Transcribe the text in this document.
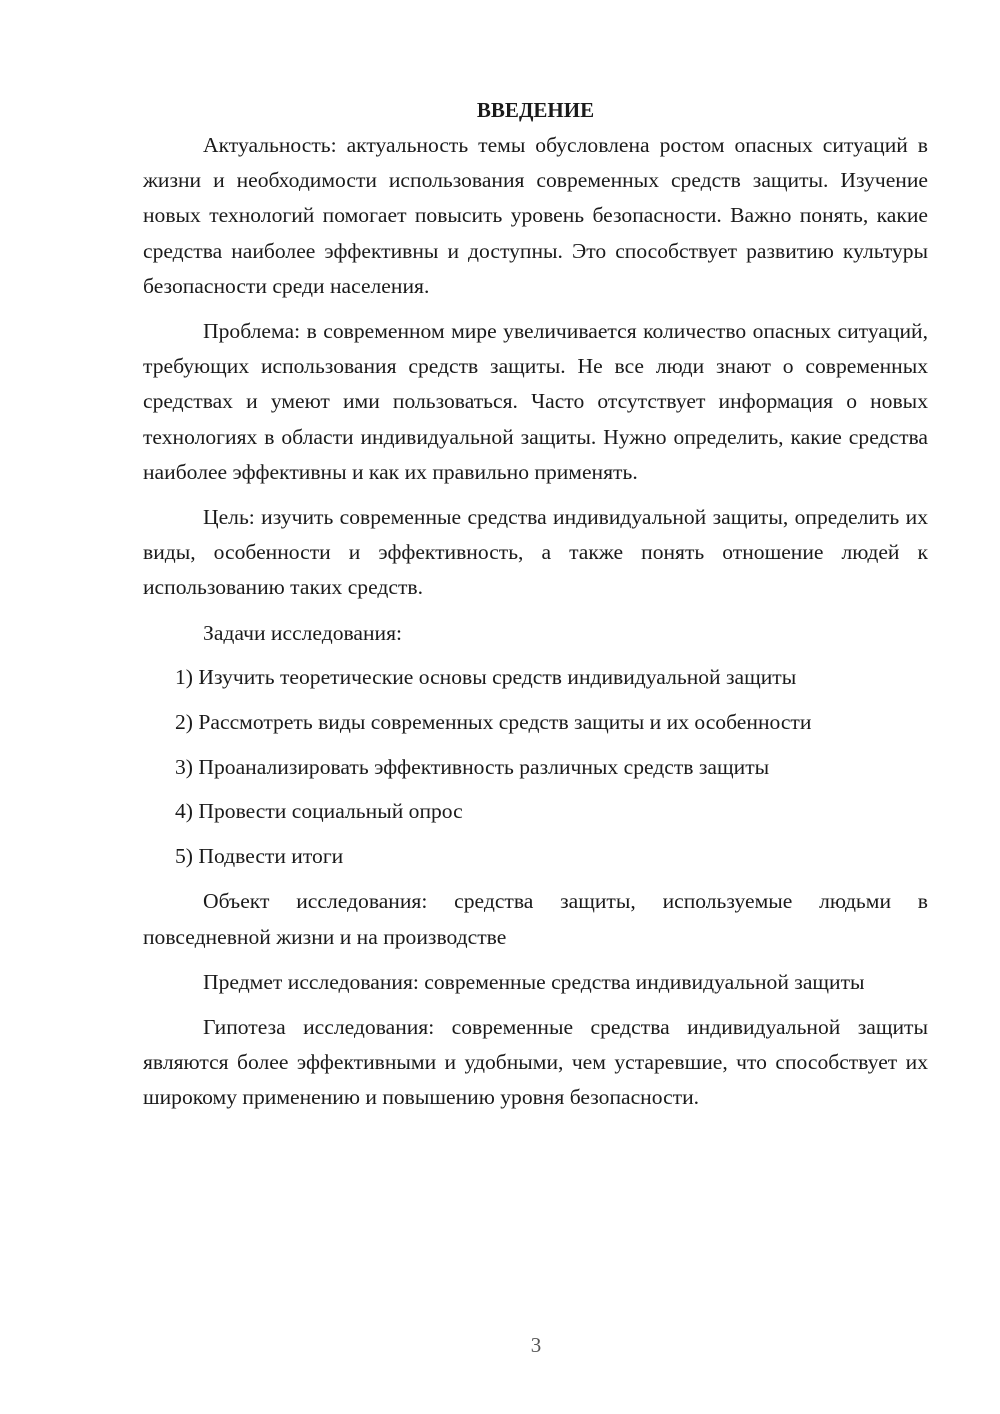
ВВЕДЕНИЕ

Актуальность: актуальность темы обусловлена ростом опасных ситуаций в жизни и необходимости использования современных средств защиты. Изучение новых технологий помогает повысить уровень безопасности. Важно понять, какие средства наиболее эффективны и доступны. Это способствует развитию культуры безопасности среди населения.

Проблема: в современном мире увеличивается количество опасных ситуаций, требующих использования средств защиты. Не все люди знают о современных средствах и умеют ими пользоваться. Часто отсутствует информация о новых технологиях в области индивидуальной защиты. Нужно определить, какие средства наиболее эффективны и как их правильно применять.

Цель: изучить современные средства индивидуальной защиты, определить их виды, особенности и эффективность, а также понять отношение людей к использованию таких средств.

Задачи исследования:

1) Изучить теоретические основы средств индивидуальной защиты

2) Рассмотреть виды современных средств защиты и их особенности

3) Проанализировать эффективность различных средств защиты

4) Провести социальный опрос

5) Подвести итоги

Объект исследования: средства защиты, используемые людьми в повседневной жизни и на производстве

Предмет исследования: современные средства индивидуальной защиты

Гипотеза исследования: современные средства индивидуальной защиты являются более эффективными и удобными, чем устаревшие, что способствует их широкому применению и повышению уровня безопасности.

3
